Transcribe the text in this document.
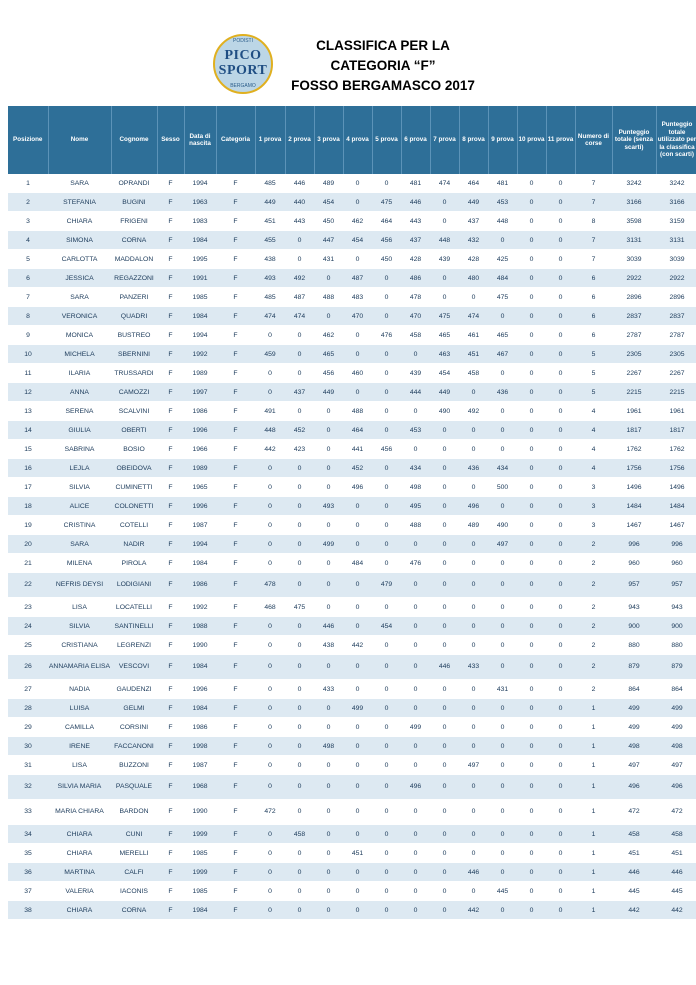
PODISTI
PICO
SPORT
BERGAMO
CLASSIFICA PER LA
CATEGORIA “F”
FOSSO BERGAMASCO 2017
Posizione	Nome	Cognome	Sesso	Data di nascita	Categoria	1 prova	2 prova	3 prova	4 prova	5 prova	6 prova	7 prova	8 prova	9 prova	10 prova	11 prova	Numero di corse	Punteggio totale (senza scarti)	Punteggio totale utilizzato per la classifica (con scarti)
1	SARA	OPRANDI	F	1994	F	485	446	489	0	0	481	474	464	481	0	0	7	3242	3242
2	STEFANIA	BUGINI	F	1963	F	449	440	454	0	475	446	0	449	453	0	0	7	3166	3166
3	CHIARA	FRIGENI	F	1983	F	451	443	450	462	464	443	0	437	448	0	0	8	3598	3159
4	SIMONA	CORNA	F	1984	F	455	0	447	454	456	437	448	432	0	0	0	7	3131	3131
5	CARLOTTA	MADDALON	F	1995	F	438	0	431	0	450	428	439	428	425	0	0	7	3039	3039
6	JESSICA	REGAZZONI	F	1991	F	493	492	0	487	0	486	0	480	484	0	0	6	2922	2922
7	SARA	PANZERI	F	1985	F	485	487	488	483	0	478	0	0	475	0	0	6	2896	2896
8	VERONICA	QUADRI	F	1984	F	474	474	0	470	0	470	475	474	0	0	0	6	2837	2837
9	MONICA	BUSTREO	F	1994	F	0	0	462	0	476	458	465	461	465	0	0	6	2787	2787
10	MICHELA	SBERNINI	F	1992	F	459	0	465	0	0	0	463	451	467	0	0	5	2305	2305
11	ILARIA	TRUSSARDI	F	1989	F	0	0	456	460	0	439	454	458	0	0	0	5	2267	2267
12	ANNA	CAMOZZI	F	1997	F	0	437	449	0	0	444	449	0	436	0	0	5	2215	2215
13	SERENA	SCALVINI	F	1986	F	491	0	0	488	0	0	490	492	0	0	0	4	1961	1961
14	GIULIA	OBERTI	F	1996	F	448	452	0	464	0	453	0	0	0	0	0	4	1817	1817
15	SABRINA	BOSIO	F	1966	F	442	423	0	441	456	0	0	0	0	0	0	4	1762	1762
16	LEJLA	OBEIDOVA	F	1989	F	0	0	0	452	0	434	0	436	434	0	0	4	1756	1756
17	SILVIA	CUMINETTI	F	1965	F	0	0	0	496	0	498	0	0	500	0	0	3	1496	1496
18	ALICE	COLONETTI	F	1996	F	0	0	493	0	0	495	0	496	0	0	0	3	1484	1484
19	CRISTINA	COTELLI	F	1987	F	0	0	0	0	0	488	0	489	490	0	0	3	1467	1467
20	SARA	NADIR	F	1994	F	0	0	499	0	0	0	0	0	497	0	0	2	996	996
21	MILENA	PIROLA	F	1984	F	0	0	0	484	0	476	0	0	0	0	0	2	960	960
22	NEFRIS DEYSI	LODIGIANI	F	1986	F	478	0	0	0	479	0	0	0	0	0	0	2	957	957
23	LISA	LOCATELLI	F	1992	F	468	475	0	0	0	0	0	0	0	0	0	2	943	943
24	SILVIA	SANTINELLI	F	1988	F	0	0	446	0	454	0	0	0	0	0	0	2	900	900
25	CRISTIANA	LEGRENZI	F	1990	F	0	0	438	442	0	0	0	0	0	0	0	2	880	880
26	ANNAMARIA ELISA	VESCOVI	F	1984	F	0	0	0	0	0	0	446	433	0	0	0	2	879	879
27	NADIA	GAUDENZI	F	1996	F	0	0	433	0	0	0	0	0	431	0	0	2	864	864
28	LUISA	GELMI	F	1984	F	0	0	0	499	0	0	0	0	0	0	0	1	499	499
29	CAMILLA	CORSINI	F	1986	F	0	0	0	0	0	499	0	0	0	0	0	1	499	499
30	IRENE	FACCANONI	F	1998	F	0	0	498	0	0	0	0	0	0	0	0	1	498	498
31	LISA	BUZZONI	F	1987	F	0	0	0	0	0	0	0	497	0	0	0	1	497	497
32	SILVIA MARIA	PASQUALE	F	1968	F	0	0	0	0	0	496	0	0	0	0	0	1	496	496
33	MARIA CHIARA	BARDON	F	1990	F	472	0	0	0	0	0	0	0	0	0	0	1	472	472
34	CHIARA	CUNI	F	1999	F	0	458	0	0	0	0	0	0	0	0	0	1	458	458
35	CHIARA	MERELLI	F	1985	F	0	0	0	451	0	0	0	0	0	0	0	1	451	451
36	MARTINA	CALFI	F	1999	F	0	0	0	0	0	0	0	446	0	0	0	1	446	446
37	VALERIA	IACONIS	F	1985	F	0	0	0	0	0	0	0	0	445	0	0	1	445	445
38	CHIARA	CORNA	F	1984	F	0	0	0	0	0	0	0	442	0	0	0	1	442	442
